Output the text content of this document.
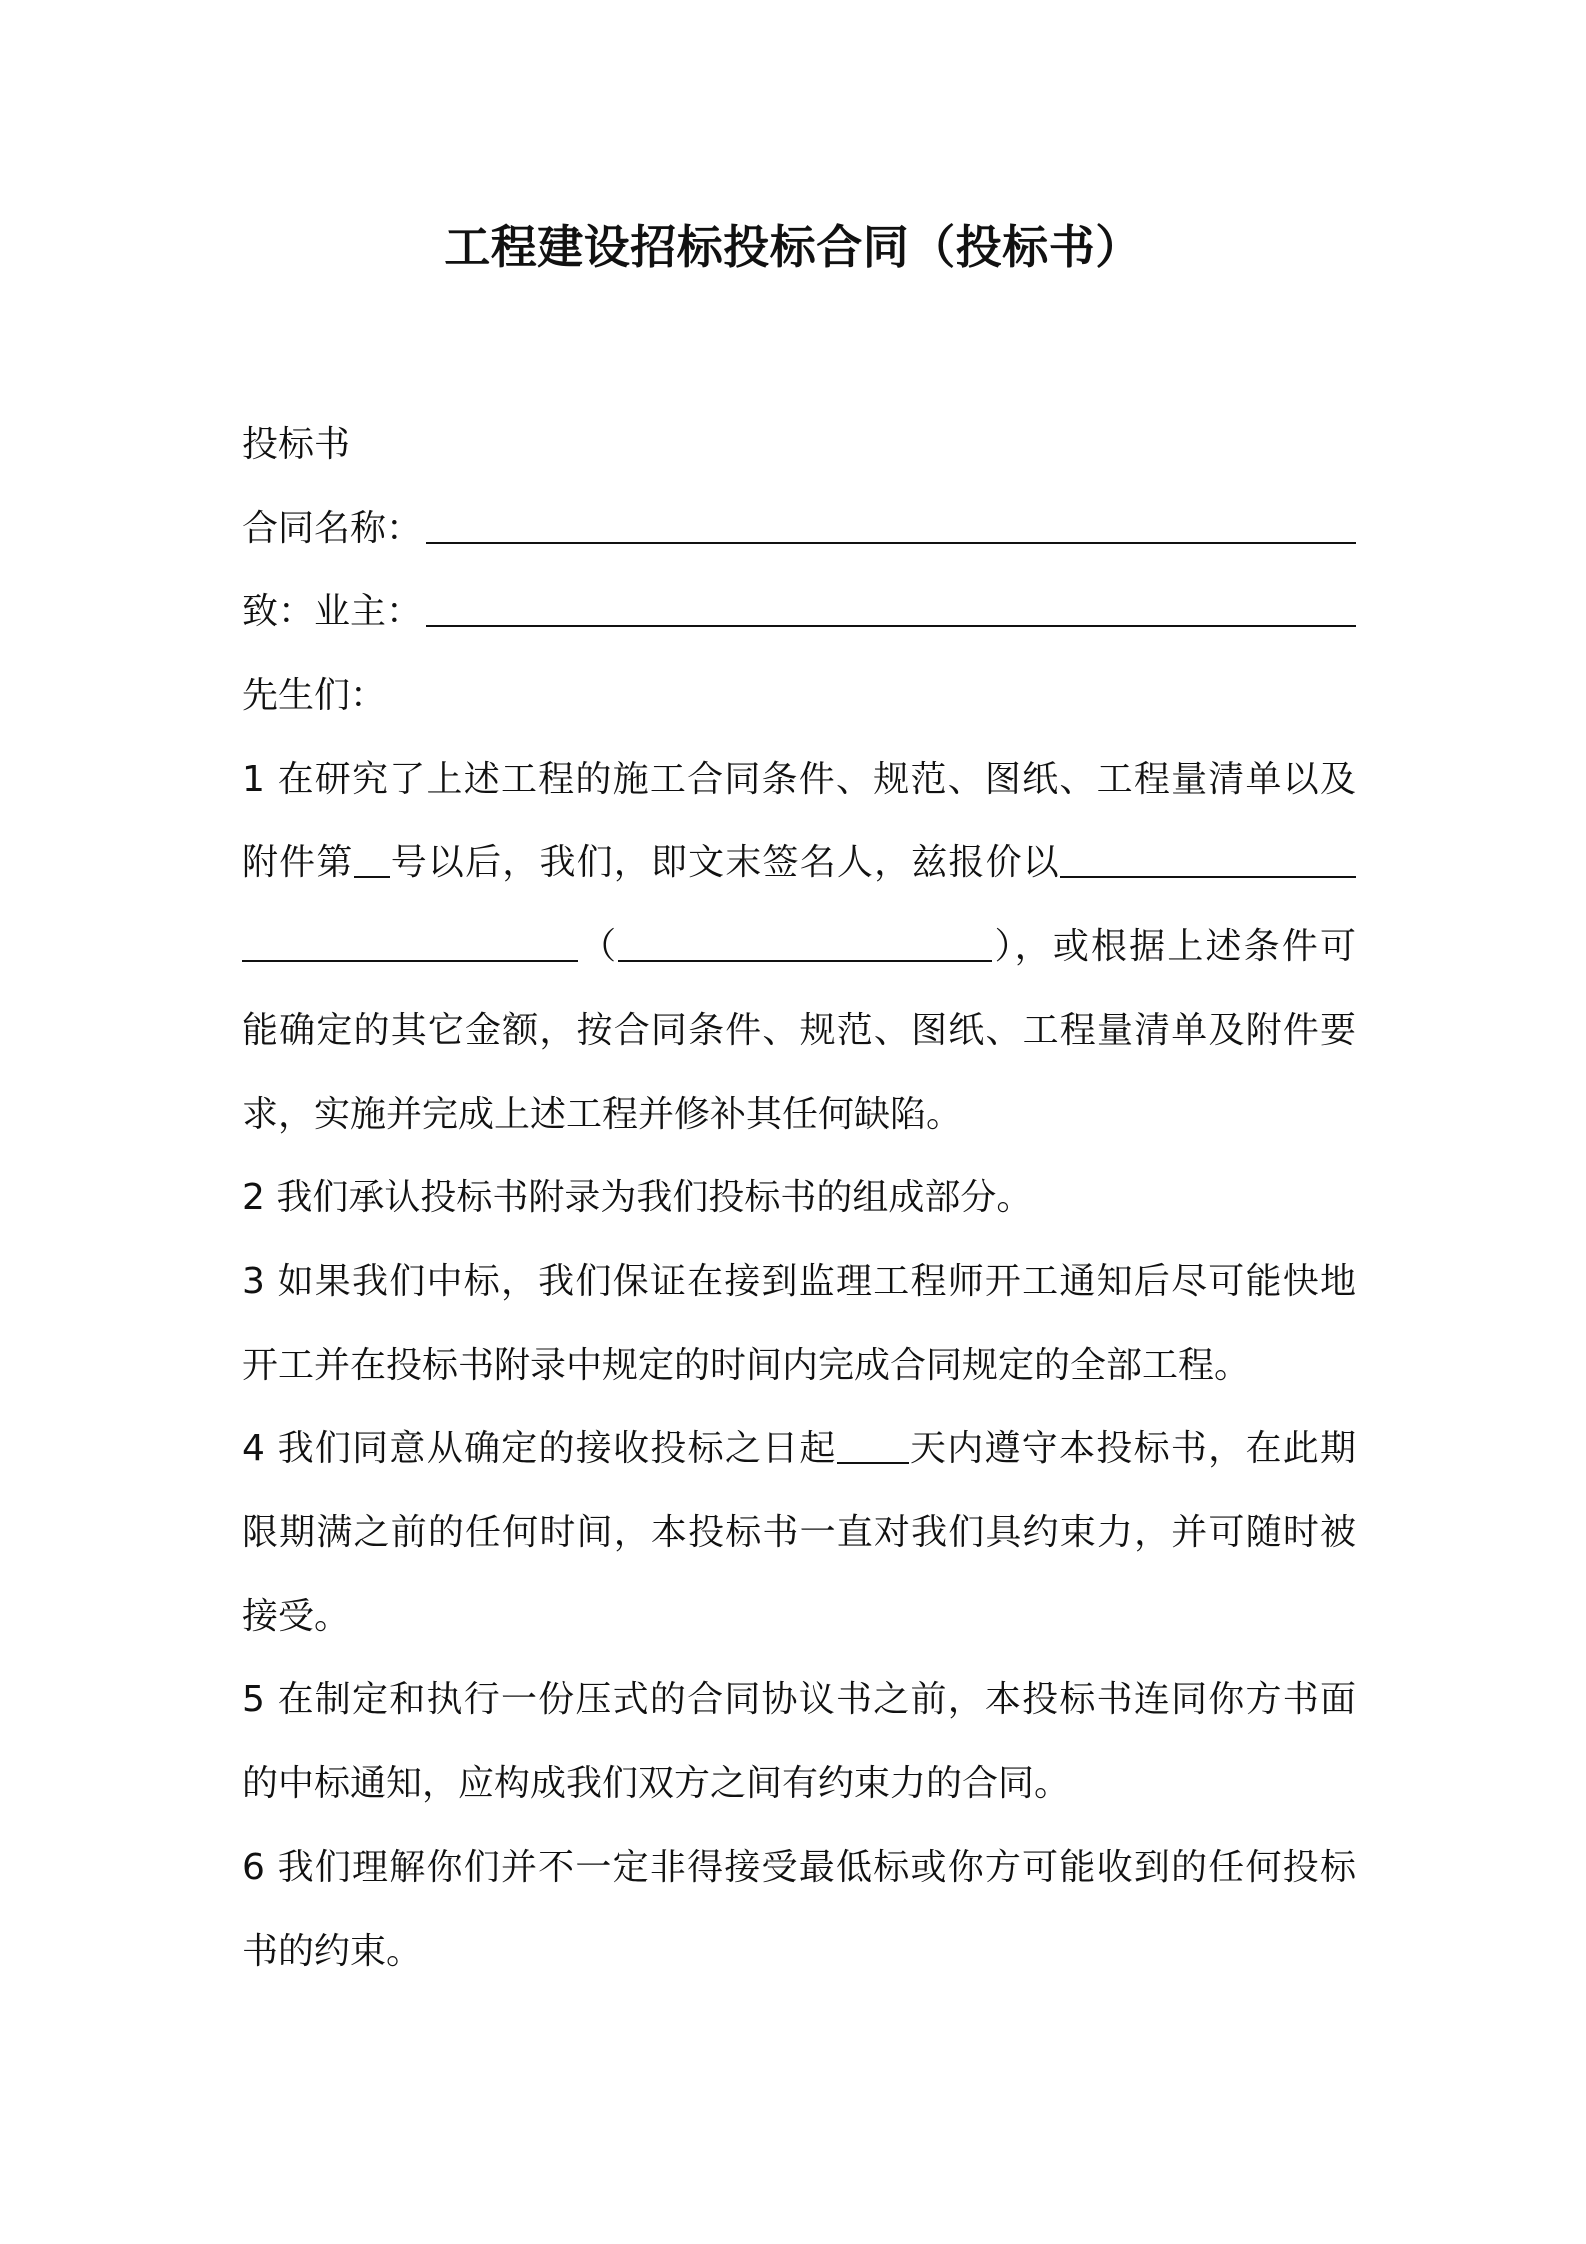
工程建设招标投标合同（投标书）
投标书
合同名称：
致：业主：
先生们：
1 在研究了上述工程的施工合同条件、规范、图纸、工程量清单以及附件第 号以后，我们，即文末签名人，兹报价以（	），或根据上述条件可能确定的其它金额，按合同条件、规范、图纸、工程量清单及附件要求，实施并完成上述工程并修补其任何缺陷。
2 我们承认投标书附录为我们投标书的组成部分。
3 如果我们中标，我们保证在接到监理工程师开工通知后尽可能快地开工并在投标书附录中规定的时间内完成合同规定的全部工程。
4 我们同意从确定的接收投标之日起 天内遵守本投标书，在此期限期满之前的任何时间，本投标书一直对我们具约束力，并可随时被接受。
5 在制定和执行一份压式的合同协议书之前，本投标书连同你方书面的中标通知，应构成我们双方之间有约束力的合同。
6 我们理解你们并不一定非得接受最低标或你方可能收到的任何投标书的约束。
